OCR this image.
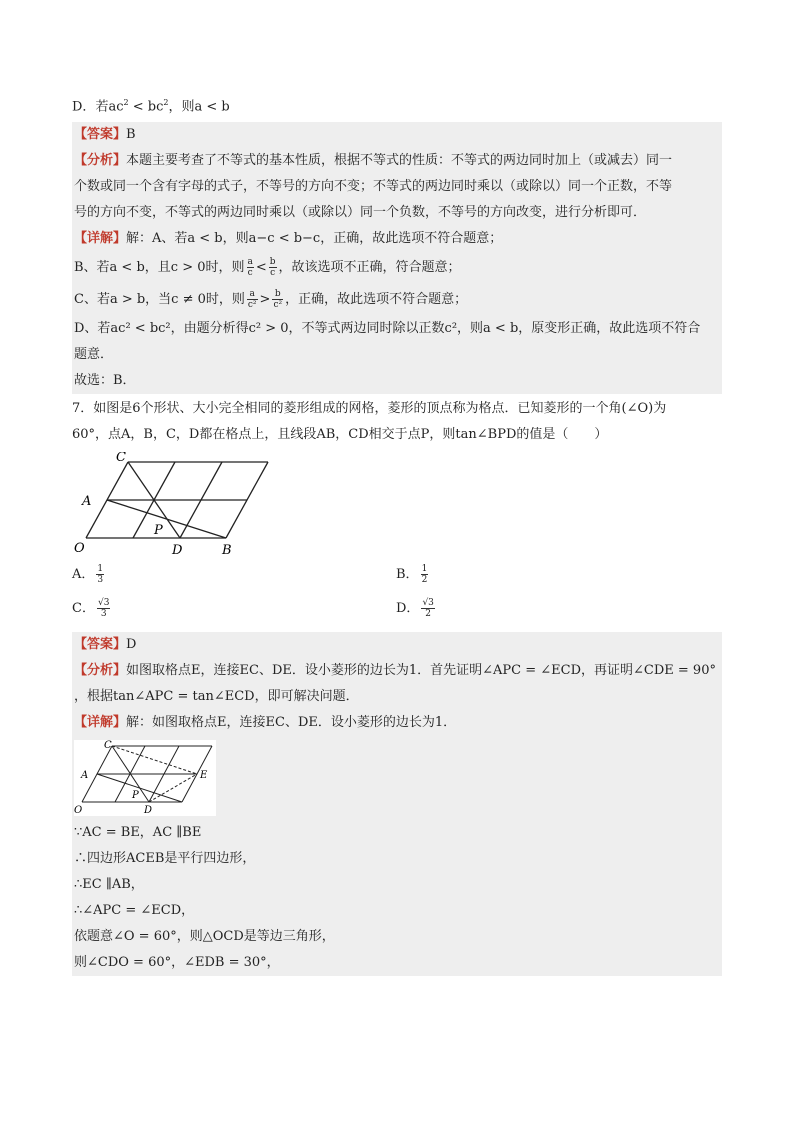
D．若$ac^2 < bc^2$，则a < b
【答案】B
【分析】本题主要考查了不等式的基本性质，根据不等式的性质：不等式的两边同时加上（或减去）同一
个数或同一个含有字母的式子，不等号的方向不变；不等式的两边同时乘以（或除以）同一个正数，不等
号的方向不变，不等式的两边同时乘以（或除以）同一个负数，不等号的方向改变，进行分析即可．
【详解】解：A、若a < b，则a−c < b−c，正确，故此选项不符合题意；
B、若a < b，且c > 0时，则 $\frac{a}{c} < \frac{b}{c}$ ，故该选项不正确，符合题意；
C、若a > b，当c ≠ 0时，则 $\frac{a}{\text{c²}} > \frac{b}{\text{c²}}$ ，正确，故此选项不符合题意；
D、若ac² < bc²，由题分析得c² > 0，不等式两边同时除以正数c²，则a < b，原变形正确，故此选项不符合
题意．
故选：B．
7．如图是6个形状、大小完全相同的菱形组成的网格，菱形的顶点称为格点．已知菱形的一个角(∠O)为
60°，点A，B，C，D都在格点上，且线段AB，CD相交于点P，则tan∠BPD的值是（　　）
C
A
P
O	D	B
A． $\frac{1}{3}$	B． $\frac{1}{2}$
C． $\frac{√3}{3}$	D． $\frac{√3}{2}$
【答案】D
【分析】如图取格点E，连接EC、DE．设小菱形的边长为1．首先证明∠APC = ∠ECD，再证明∠CDE = 90°
，根据tan∠APC = tan∠ECD，即可解决问题．
【详解】解：如图取格点E，连接EC、DE．设小菱形的边长为1．
C
A	E
P
O	D
∵AC = BE，AC ∥BE
∴四边形ACEB是平行四边形，
∴EC ∥AB，
∴∠APC = ∠ECD，
依题意∠O = 60°，则△OCD是等边三角形，
则∠CDO = 60°，∠EDB = 30°，
